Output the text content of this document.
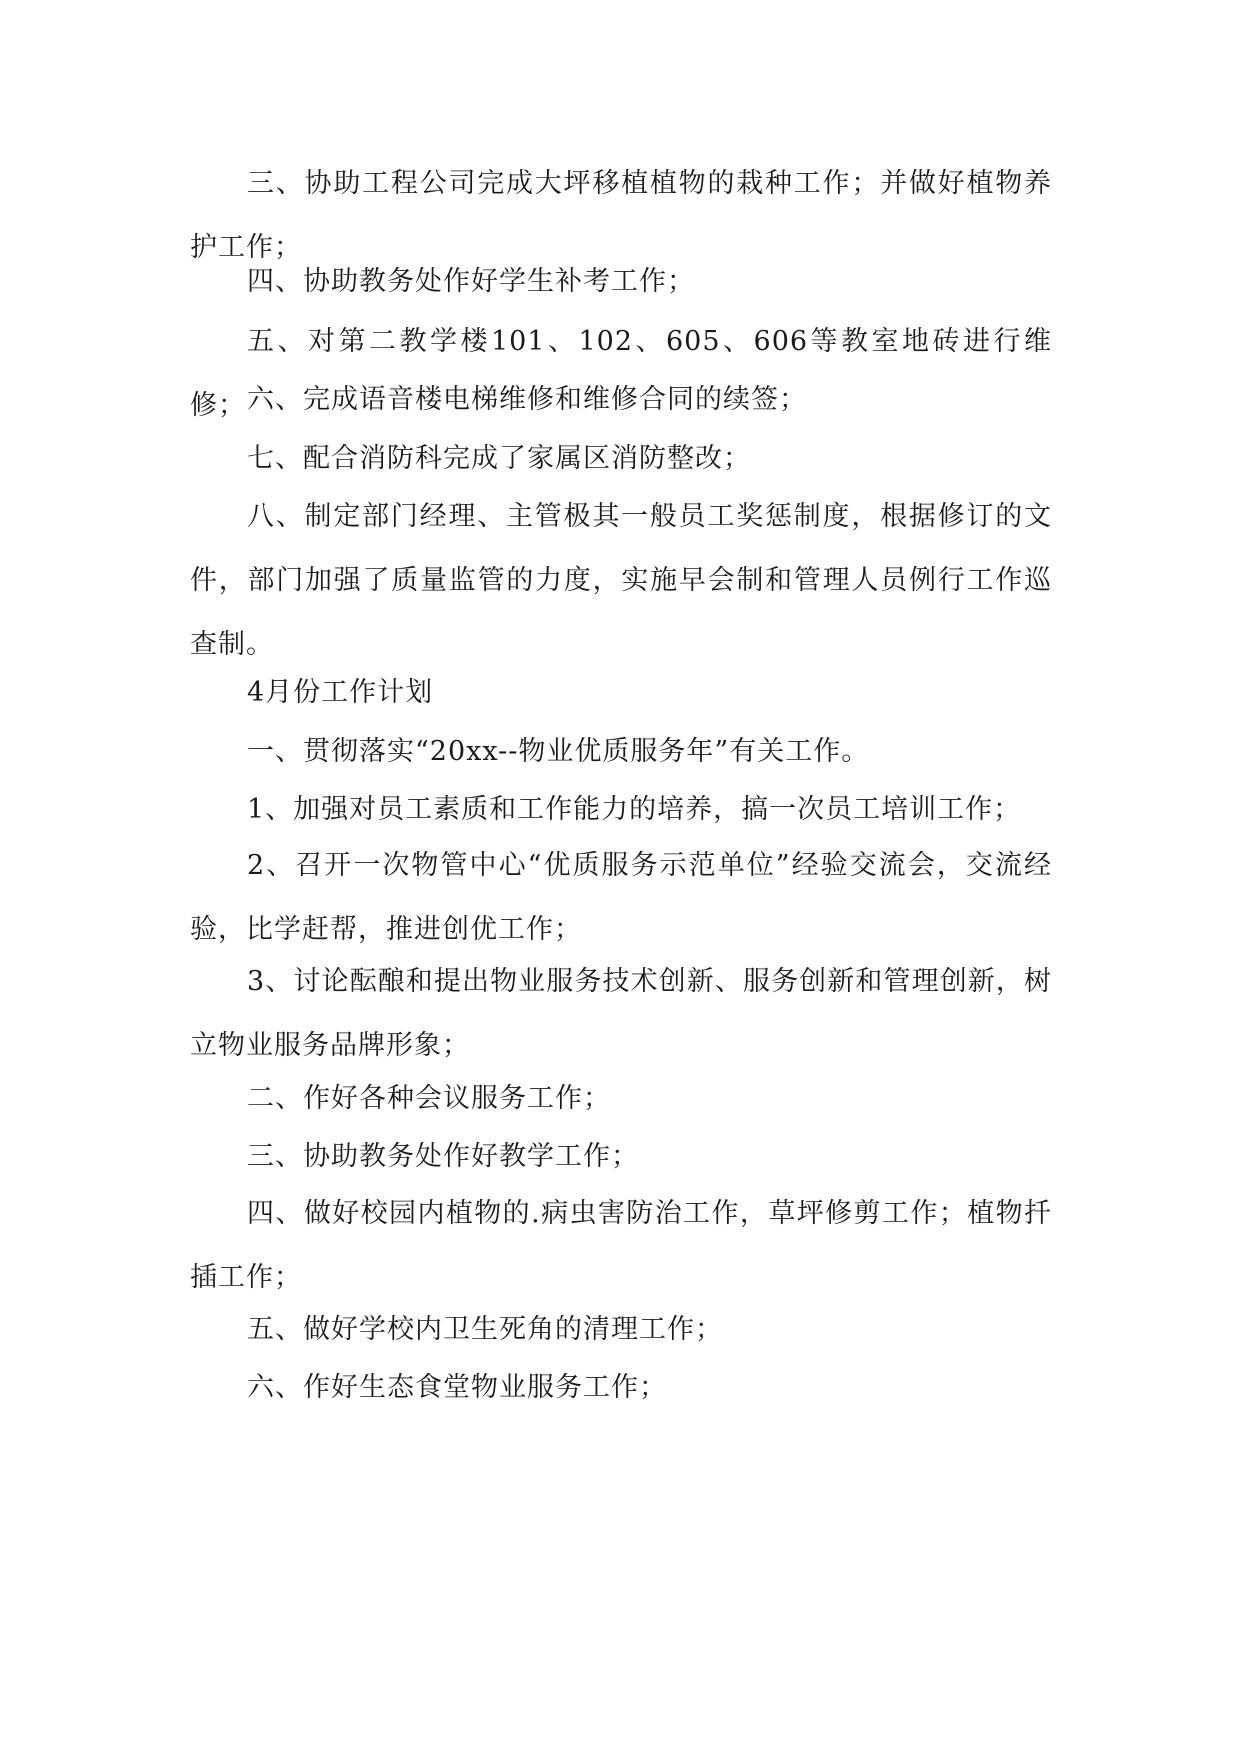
三、协助工程公司完成大坪移植植物的栽种工作；并做好植物养护工作；

四、协助教务处作好学生补考工作；

五、对第二教学楼101、102、605、606等教室地砖进行维修； 六、完成语音楼电梯维修和维修合同的续签；

七、配合消防科完成了家属区消防整改；

八、制定部门经理、主管极其一般员工奖惩制度，根据修订的文件，部门加强了质量监管的力度，实施早会制和管理人员例行工作巡查制。

4月份工作计划

一、贯彻落实“20xx--物业优质服务年”有关工作。

1、加强对员工素质和工作能力的培养，搞一次员工培训工作；

2、召开一次物管中心“优质服务示范单位”经验交流会，交流经验，比学赶帮，推进创优工作；

3、讨论酝酿和提出物业服务技术创新、服务创新和管理创新，树立物业服务品牌形象；

二、作好各种会议服务工作；

三、协助教务处作好教学工作；

四、做好校园内植物的.病虫害防治工作，草坪修剪工作；植物扦插工作；

五、做好学校内卫生死角的清理工作；

六、作好生态食堂物业服务工作；
